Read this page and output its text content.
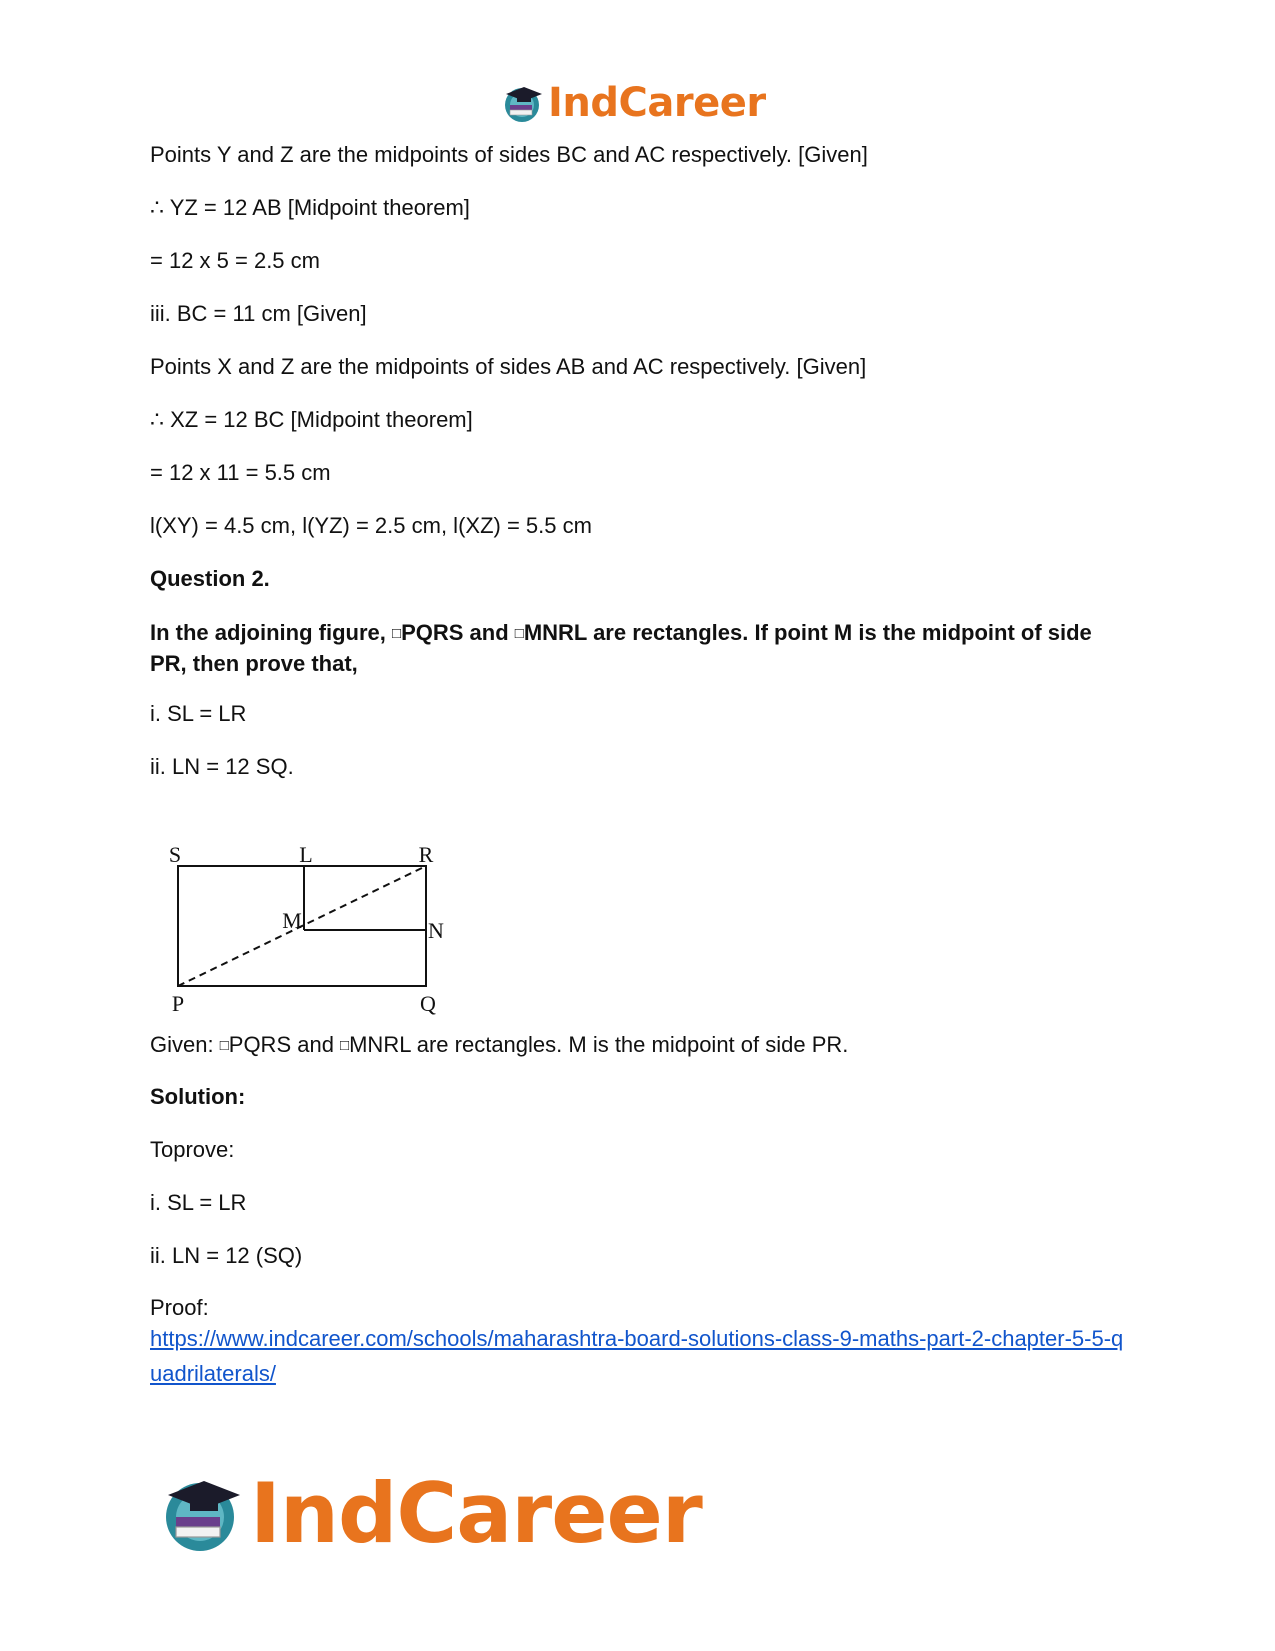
IndCareer
Points Y and Z are the midpoints of sides BC and AC respectively. [Given]
∴ YZ = 12 AB [Midpoint theorem]
= 12 x 5 = 2.5 cm
iii. BC = 11 cm [Given]
Points X and Z are the midpoints of sides AB and AC respectively. [Given]
∴ XZ = 12 BC [Midpoint theorem]
= 12 x 11 = 5.5 cm
l(XY) = 4.5 cm, l(YZ) = 2.5 cm, l(XZ) = 5.5 cm
Question 2.
In the adjoining figure, □PQRS and □MNRL are rectangles. If point M is the midpoint of side PR, then prove that,
i. SL = LR
ii. LN = 12 SQ.
S	L	R
M	N
P	Q
Given: □PQRS and □MNRL are rectangles. M is the midpoint of side PR.
Solution:
Toprove:
i. SL = LR
ii. LN = 12 (SQ)
Proof:
https://www.indcareer.com/schools/maharashtra-board-solutions-class-9-maths-part-2-chapter-5-5-quadrilaterals/
IndCareer
